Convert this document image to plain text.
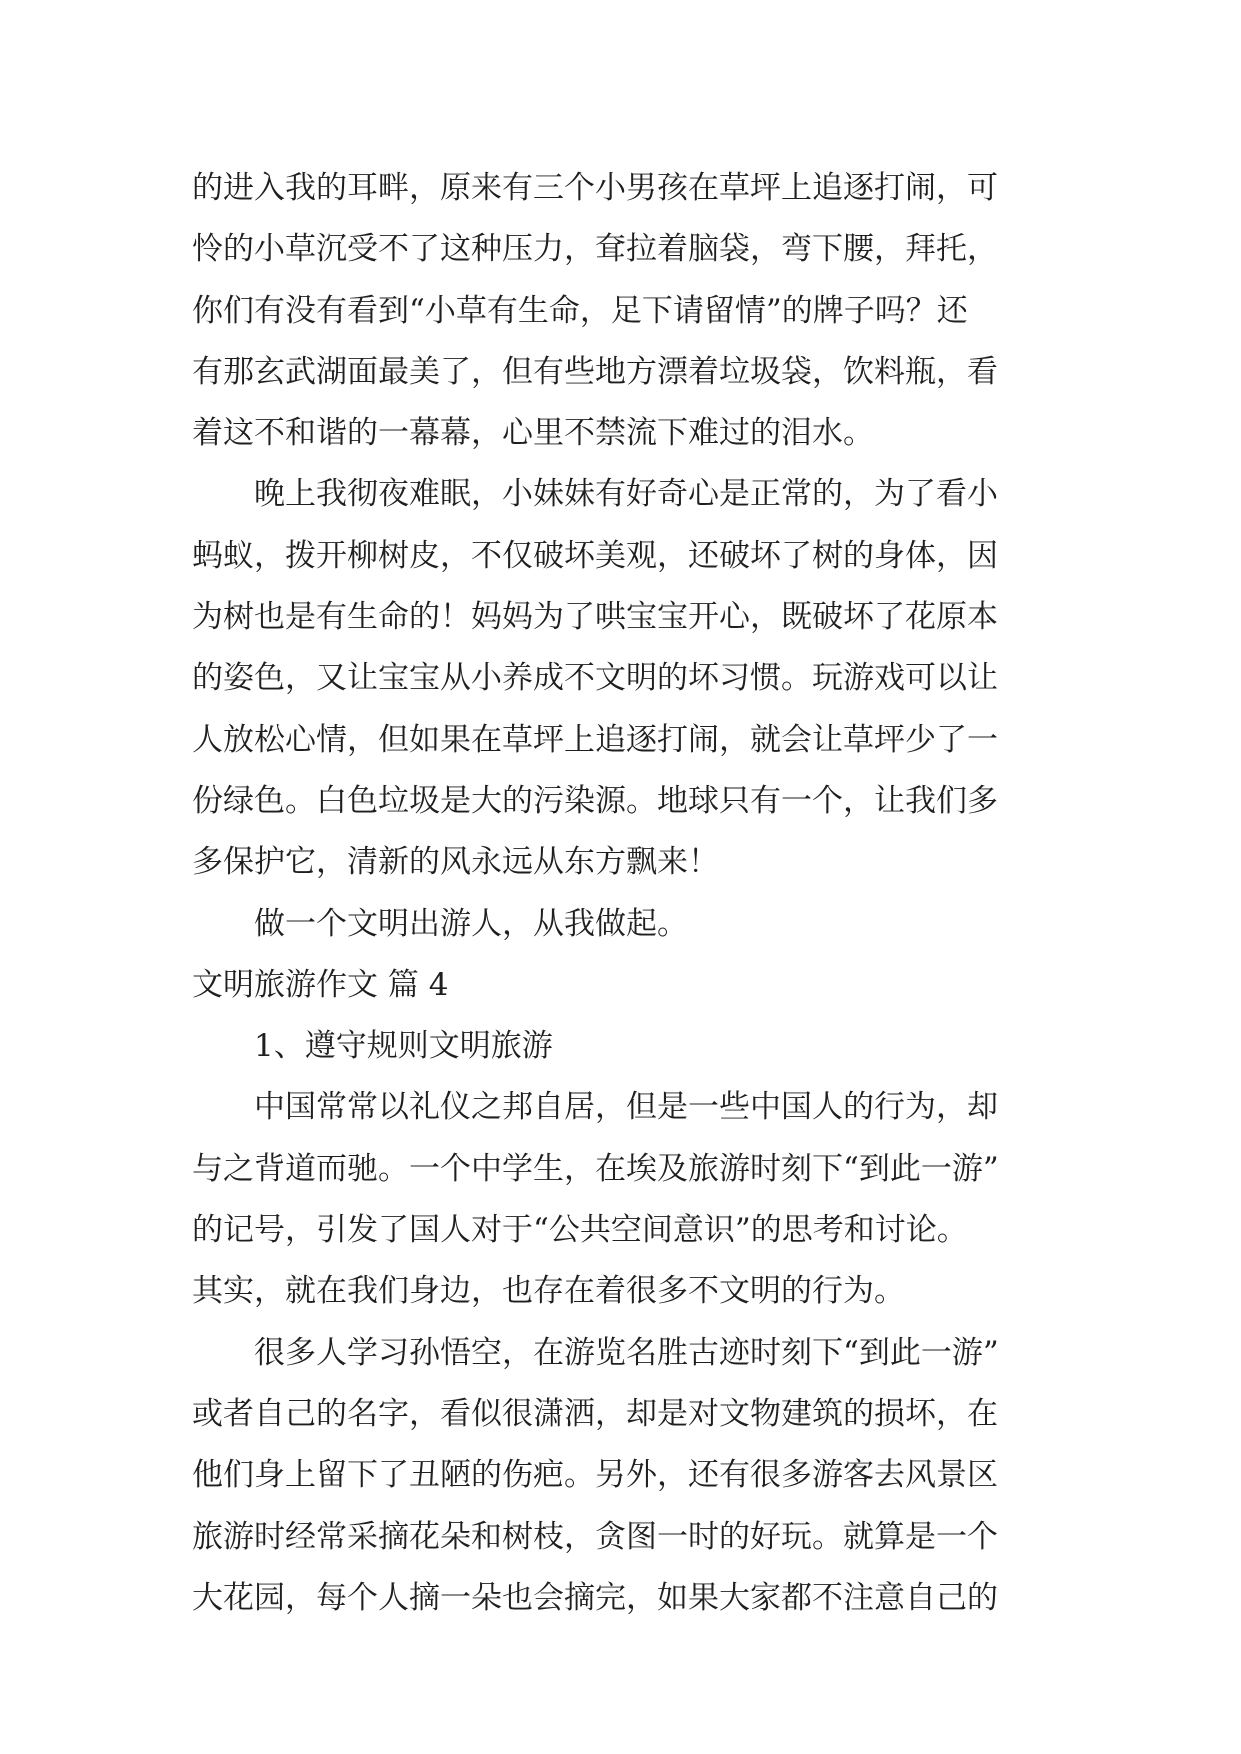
的进入我的耳畔，原来有三个小男孩在草坪上追逐打闹，可
怜的小草沉受不了这种压力，耷拉着脑袋，弯下腰，拜托，
你们有没有看到“小草有生命，足下请留情”的牌子吗？还
有那玄武湖面最美了，但有些地方漂着垃圾袋，饮料瓶，看
着这不和谐的一幕幕，心里不禁流下难过的泪水。
晚上我彻夜难眠，小妹妹有好奇心是正常的，为了看小
蚂蚁，拨开柳树皮，不仅破坏美观，还破坏了树的身体，因
为树也是有生命的！妈妈为了哄宝宝开心，既破坏了花原本
的姿色，又让宝宝从小养成不文明的坏习惯。玩游戏可以让
人放松心情，但如果在草坪上追逐打闹，就会让草坪少了一
份绿色。白色垃圾是大的污染源。地球只有一个，让我们多
多保护它，清新的风永远从东方飘来！
做一个文明出游人，从我做起。
文明旅游作文 篇 4
1、遵守规则文明旅游
中国常常以礼仪之邦自居，但是一些中国人的行为，却
与之背道而驰。一个中学生，在埃及旅游时刻下“到此一游”
的记号，引发了国人对于“公共空间意识”的思考和讨论。
其实，就在我们身边，也存在着很多不文明的行为。
很多人学习孙悟空，在游览名胜古迹时刻下“到此一游”
或者自己的名字，看似很潇洒，却是对文物建筑的损坏，在
他们身上留下了丑陋的伤疤。另外，还有很多游客去风景区
旅游时经常采摘花朵和树枝，贪图一时的好玩。就算是一个
大花园，每个人摘一朵也会摘完，如果大家都不注意自己的
